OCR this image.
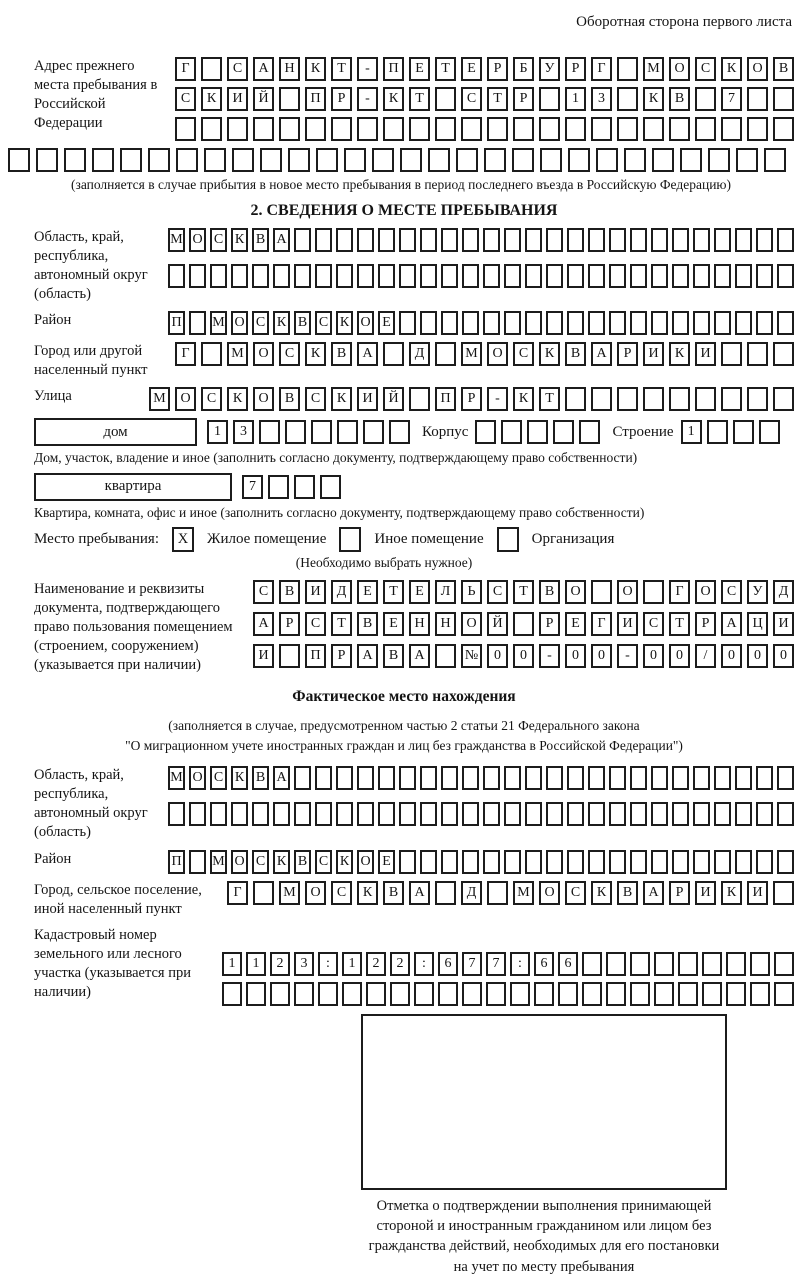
Оборотная сторона первого листа
Адрес прежнего места пребывания в Российской Федерации
Г	С	А	Н	К	Т	-	П	Е	Т	Е	Р	Б	У	Р	Г	М	О	С	К	О	В
С	К	И	Й	П	Р	-	К	Т	С	Т	Р	1	3	К	В	7
(заполняется в случае прибытия в новое место пребывания в период последнего въезда в Российскую Федерацию)
2. СВЕДЕНИЯ О МЕСТЕ ПРЕБЫВАНИЯ
Область, край, республика, автономный округ (область)
М О С К В А
Район	П М О С К В С К О Е
Город или другой населенный пункт
Г	М	О	С	К	В	А	Д	М	О	С	К	В	А	Р	И	К	И
Улица	М	О	С	К	О	В	С	К	И	Й	П	Р	-	К	Т
дом	1	3	Корпус	Строение	1
Дом, участок, владение и иное (заполнить согласно документу, подтверждающему право собственности)
квартира	7
Квартира, комната, офис и иное (заполнить согласно документу, подтверждающему право собственности)
Место пребывания:	X	Жилое помещение	Иное помещение	Организация
(Необходимо выбрать нужное)
Наименование и реквизиты документа, подтверждающего право пользования помещением (строением, сооружением) (указывается при наличии)
С	В	И	Д	Е	Т	Е	Л	Ь	С	Т	В	О	О	Г	О	С	У	Д
А	Р	С	Т	В	Е	Н	Н	О	Й	Р	Е	Г	И	С	Т	Р	А	Ц	И
И	П	Р	А	В	А	№	0	0	-	0	0	-	0	0	/	0	0	0
Фактическое место нахождения
(заполняется в случае, предусмотренном частью 2 статьи 21 Федерального закона
"О миграционном учете иностранных граждан и лиц без гражданства в Российской Федерации")
Область, край, республика, автономный округ (область)
М О С К В А
Район	П М О С К В С К О Е
Город, сельское поселение, иной населенный пункт
Г	М	О	С	К	В	А	Д	М	О	С	К	В	А	Р	И	К	И
Кадастровый номер земельного или лесного участка (указывается при наличии)
1	1	2	3	:	1	2	2	:	6	7	7	:	6	6
Отметка о подтверждении выполнения принимающей стороной и иностранным гражданином или лицом без гражданства действий, необходимых для его постановки на учет по месту пребывания
